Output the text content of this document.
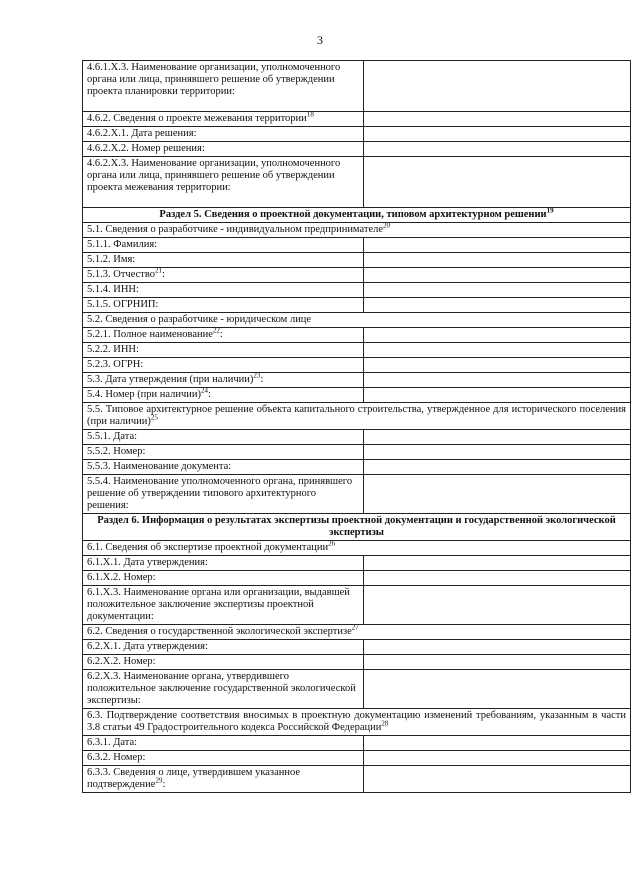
3
4.6.1.X.3. Наименование организации, уполномоченного органа или лица, принявшего решение об утверждении проекта планировки территории:	
4.6.2. Сведения о проекте межевания территории$^{18}$	
4.6.2.X.1. Дата решения:	
4.6.2.X.2. Номер решения:	
4.6.2.X.3. Наименование организации, уполномоченного органа или лица, принявшего решение об утверждении проекта межевания территории:	
Раздел 5. Сведения о проектной документации, типовом архитектурном решении$^{19}$
5.1. Сведения о разработчике - индивидуальном предпринимателе$^{20}$
5.1.1. Фамилия:	
5.1.2. Имя:	
5.1.3. Отчество$^{21}$:	
5.1.4. ИНН:	
5.1.5. ОГРНИП:	
5.2. Сведения о разработчике - юридическом лице	
5.2.1. Полное наименование$^{22}$:	
5.2.2. ИНН:	
5.2.3. ОГРН:	
5.3. Дата утверждения (при наличии)$^{23}$:	
5.4. Номер (при наличии)$^{24}$:	
5.5. Типовое архитектурное решение объекта капитального строительства, утвержденное для исторического поселения (при наличии)$^{25}$
5.5.1. Дата:	
5.5.2. Номер:	
5.5.3. Наименование документа:	
5.5.4. Наименование уполномоченного органа, принявшего решение об утверждении типового архитектурного решения:	
Раздел 6. Информация о результатах экспертизы проектной документации и государственной экологической экспертизы	
6.1. Сведения об экспертизе проектной документации$^{26}$
6.1.X.1. Дата утверждения:	
6.1.X.2. Номер:	
6.1.X.3. Наименование органа или организации, выдавшей положительное заключение экспертизы проектной документации:	
6.2. Сведения о государственной экологической экспертизе$^{27}$
6.2.X.1. Дата утверждения:	
6.2.X.2. Номер:	
6.2.X.3. Наименование органа, утвердившего положительное заключение государственной экологической экспертизы:	
6.3. Подтверждение соответствия вносимых в проектную документацию изменений требованиям, указанным в части 3.8 статьи 49 Градостроительного кодекса Российской Федерации$^{28}$
6.3.1. Дата:	
6.3.2. Номер:	
6.3.3. Сведения о лице, утвердившем указанное подтверждение$^{29}$:	
